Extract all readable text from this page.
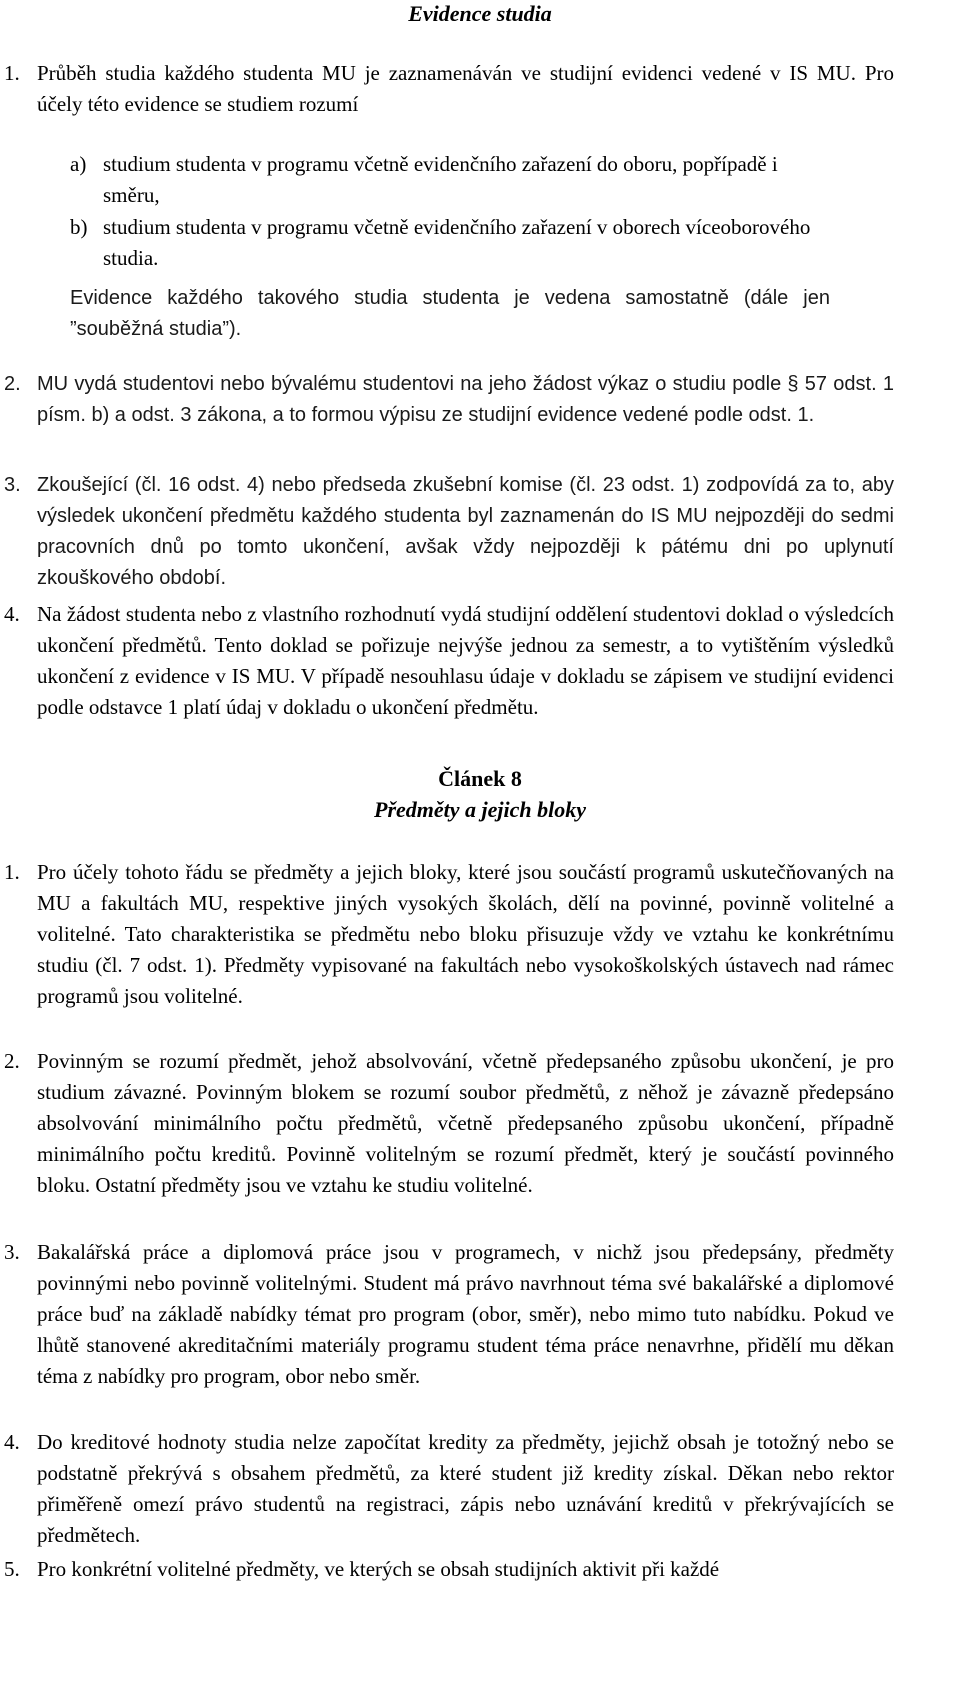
Evidence studia
1. Průběh studia každého studenta MU je zaznamenáván ve studijní evidenci vedené v IS MU. Pro účely této evidence se studiem rozumí

a) studium studenta v programu včetně evidenčního zařazení do oboru, popřípadě i směru,

b) studium studenta v programu včetně evidenčního zařazení v oborech víceoborového studia.

Evidence každého takového studia studenta je vedena samostatně (dále jen ”souběžná studia”).

2. MU vydá studentovi nebo bývalému studentovi na jeho žádost výkaz o studiu podle § 57 odst. 1 písm. b) a odst. 3 zákona, a to formou výpisu ze studijní evidence vedené podle odst. 1.

3. Zkoušející (čl. 16 odst. 4) nebo předseda zkušební komise (čl. 23 odst. 1) zodpovídá za to, aby výsledek ukončení předmětu každého studenta byl zaznamenán do IS MU nejpozději do sedmi pracovních dnů po tomto ukončení, avšak vždy nejpozději k pátému dni po uplynutí zkouškového období.

4. Na žádost studenta nebo z vlastního rozhodnutí vydá studijní oddělení studentovi doklad o výsledcích ukončení předmětů. Tento doklad se pořizuje nejvýše jednou za semestr, a to vytištěním výsledků ukončení z evidence v IS MU. V případě nesouhlasu údaje v dokladu se zápisem ve studijní evidenci podle odstavce 1 platí údaj v dokladu o ukončení předmětu.

Článek 8
Předměty a jejich bloky
1. Pro účely tohoto řádu se předměty a jejich bloky, které jsou součástí programů uskutečňovaných na MU a fakultách MU, respektive jiných vysokých školách, dělí na povinné, povinně volitelné a volitelné. Tato charakteristika se předmětu nebo bloku přisuzuje vždy ve vztahu ke konkrétnímu studiu (čl. 7 odst. 1). Předměty vypisované na fakultách nebo vysokoškolských ústavech nad rámec programů jsou volitelné.

2. Povinným se rozumí předmět, jehož absolvování, včetně předepsaného způsobu ukončení, je pro studium závazné. Povinným blokem se rozumí soubor předmětů, z něhož je závazně předepsáno absolvování minimálního počtu předmětů, včetně předepsaného způsobu ukončení, případně minimálního počtu kreditů. Povinně volitelným se rozumí předmět, který je součástí povinného bloku. Ostatní předměty jsou ve vztahu ke studiu volitelné.

3. Bakalářská práce a diplomová práce jsou v programech, v nichž jsou předepsány, předměty povinnými nebo povinně volitelnými. Student má právo navrhnout téma své bakalářské a diplomové práce buď na základě nabídky témat pro program (obor, směr), nebo mimo tuto nabídku. Pokud ve lhůtě stanovené akreditačními materiály programu student téma práce nenavrhne, přidělí mu děkan téma z nabídky pro program, obor nebo směr.

4. Do kreditové hodnoty studia nelze započítat kredity za předměty, jejichž obsah je totožný nebo se podstatně překrývá s obsahem předmětů, za které student již kredity získal. Děkan nebo rektor přiměřeně omezí právo studentů na registraci, zápis nebo uznávání kreditů v překrývajících se předmětech.

5. Pro konkrétní volitelné předměty, ve kterých se obsah studijních aktivit při každé
